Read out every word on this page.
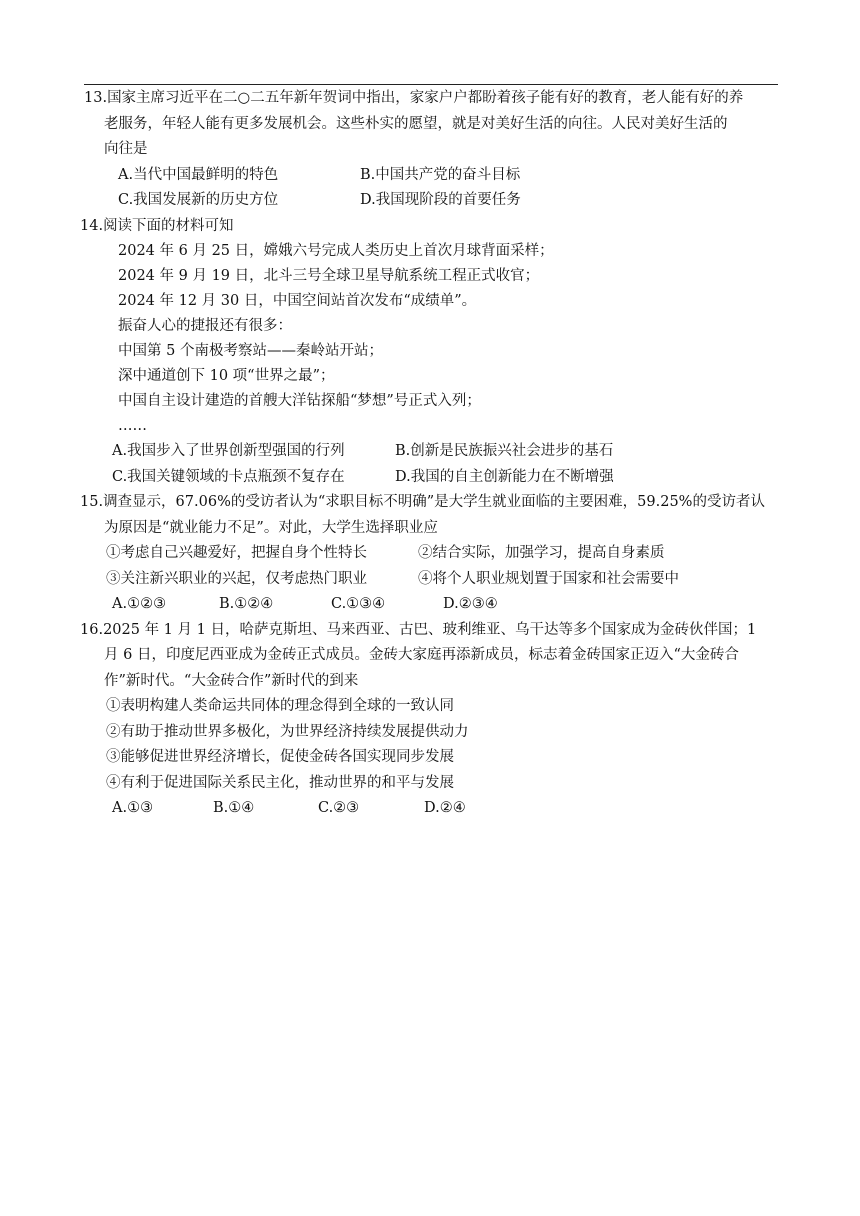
13.国家主席习近平在二○二五年新年贺词中指出，家家户户都盼着孩子能有好的教育，老人能有好的养
老服务，年轻人能有更多发展机会。这些朴实的愿望，就是对美好生活的向往。人民对美好生活的
向往是
A.当代中国最鲜明的特色	B.中国共产党的奋斗目标
C.我国发展新的历史方位	D.我国现阶段的首要任务
14.阅读下面的材料可知
2024 年 6 月 25 日，嫦娥六号完成人类历史上首次月球背面采样；
2024 年 9 月 19 日，北斗三号全球卫星导航系统工程正式收官；
2024 年 12 月 30 日，中国空间站首次发布“成绩单”。
振奋人心的捷报还有很多：
中国第 5 个南极考察站——秦岭站开站；
深中通道创下 10 项“世界之最”；
中国自主设计建造的首艘大洋钻探船“梦想”号正式入列；
……
A.我国步入了世界创新型强国的行列	B.创新是民族振兴社会进步的基石
C.我国关键领域的卡点瓶颈不复存在	D.我国的自主创新能力在不断增强
15.调查显示，67.06%的受访者认为“求职目标不明确”是大学生就业面临的主要困难，59.25%的受访者认
为原因是“就业能力不足”。对此，大学生选择职业应
①考虑自己兴趣爱好，把握自身个性特长	②结合实际，加强学习，提高自身素质
③关注新兴职业的兴起，仅考虑热门职业	④将个人职业规划置于国家和社会需要中
A.①②③	B.①②④	C.①③④	D.②③④
16.2025 年 1 月 1 日，哈萨克斯坦、马来西亚、古巴、玻利维亚、乌干达等多个国家成为金砖伙伴国；1
月 6 日，印度尼西亚成为金砖正式成员。金砖大家庭再添新成员，标志着金砖国家正迈入“大金砖合
作”新时代。“大金砖合作”新时代的到来
①表明构建人类命运共同体的理念得到全球的一致认同
②有助于推动世界多极化，为世界经济持续发展提供动力
③能够促进世界经济增长，促使金砖各国实现同步发展
④有利于促进国际关系民主化，推动世界的和平与发展
A.①③	B.①④	C.②③	D.②④
